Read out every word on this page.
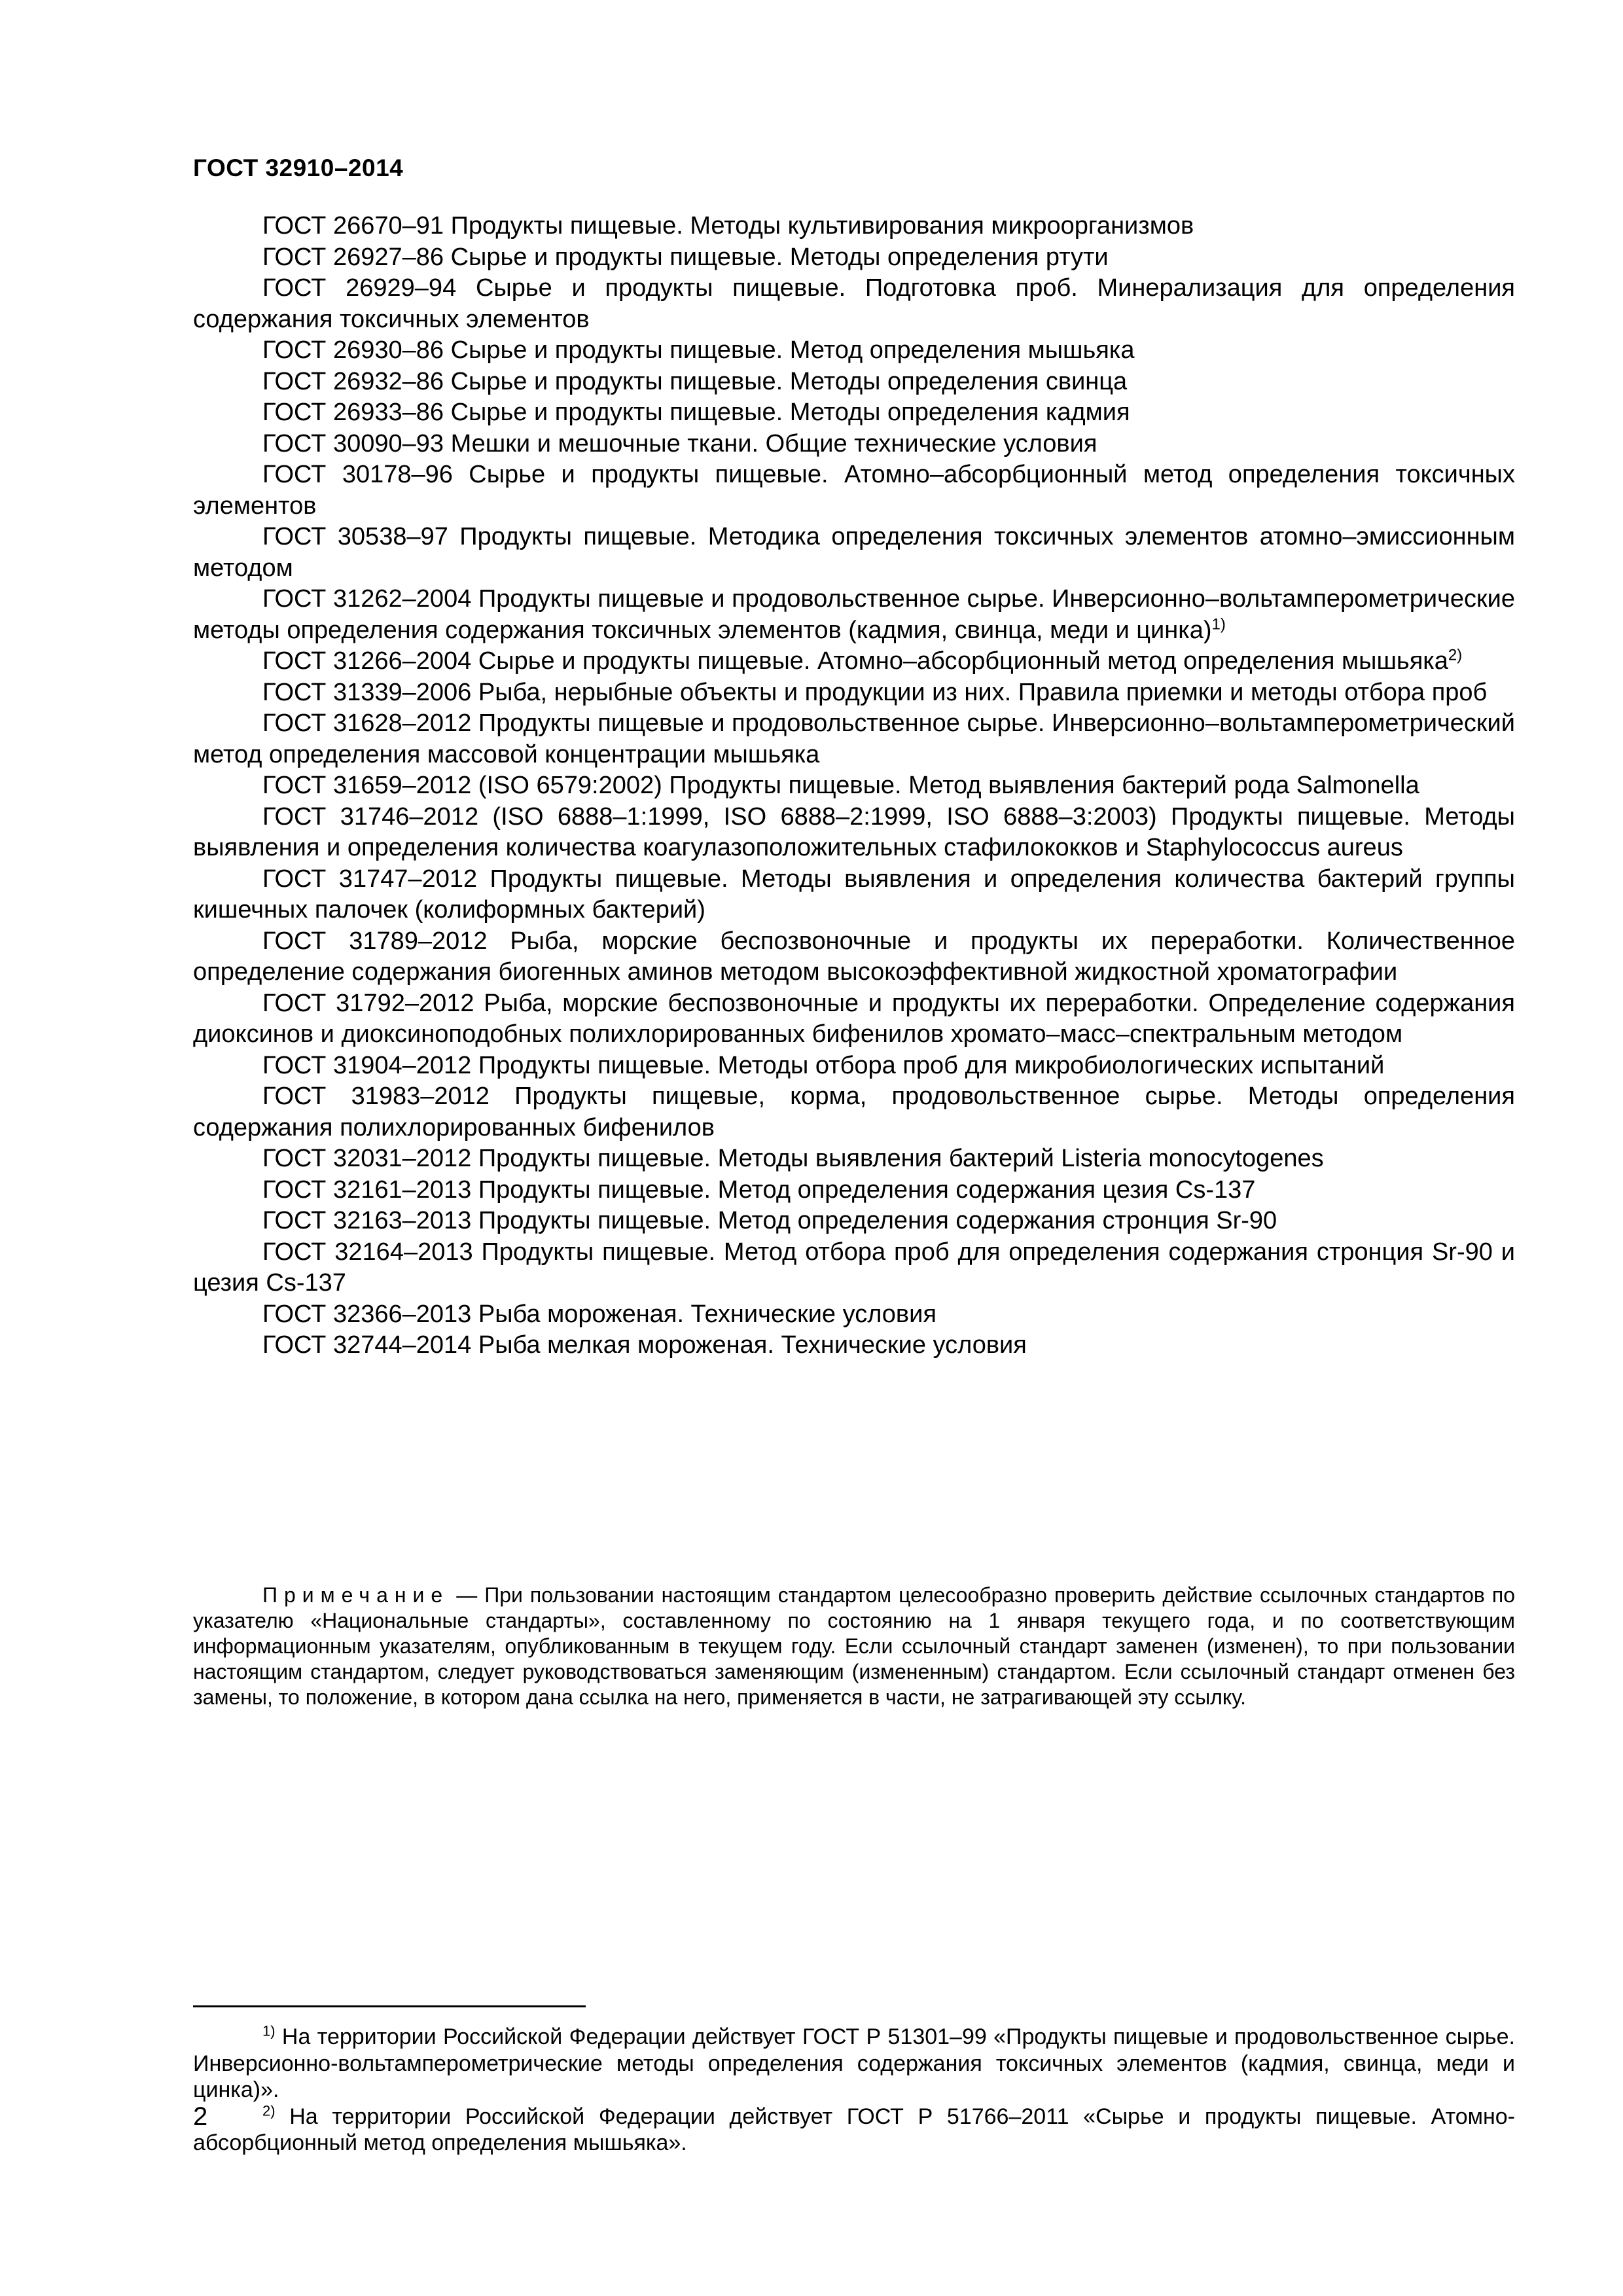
ГОСТ 32910–2014

ГОСТ 26670–91 Продукты пищевые. Методы культивирования микроорганизмов

ГОСТ 26927–86 Сырье и продукты пищевые. Методы определения ртути

ГОСТ 26929–94 Сырье и продукты пищевые. Подготовка проб. Минерализация для определения содержания токсичных элементов

ГОСТ 26930–86 Сырье и продукты пищевые. Метод определения мышьяка

ГОСТ 26932–86 Сырье и продукты пищевые. Методы определения свинца

ГОСТ 26933–86 Сырье и продукты пищевые. Методы определения кадмия

ГОСТ 30090–93 Мешки и мешочные ткани. Общие технические условия

ГОСТ 30178–96 Сырье и продукты пищевые. Атомно–абсорбционный метод определения токсичных элементов

ГОСТ 30538–97 Продукты пищевые. Методика определения токсичных элементов атомно–эмиссионным методом

ГОСТ 31262–2004 Продукты пищевые и продовольственное сырье. Инверсионно–вольтамперометрические методы определения содержания токсичных элементов (кадмия, свинца, меди и цинка)$^{1)}$

ГОСТ 31266–2004 Сырье и продукты пищевые. Атомно–абсорбционный метод определения мышьяка$^{2)}$

ГОСТ 31339–2006 Рыба, нерыбные объекты и продукции из них. Правила приемки и методы отбора проб

ГОСТ 31628–2012 Продукты пищевые и продовольственное сырье. Инверсионно–вольтамперометрический метод определения массовой концентрации мышьяка

ГОСТ 31659–2012 (ISO 6579:2002) Продукты пищевые. Метод выявления бактерий рода Salmonella

ГОСТ 31746–2012 (ISO 6888–1:1999, ISO 6888–2:1999, ISO 6888–3:2003) Продукты пищевые. Методы выявления и определения количества коагулазоположительных стафилококков и Staphylococcus aureus

ГОСТ 31747–2012 Продукты пищевые. Методы выявления и определения количества бактерий группы кишечных палочек (колиформных бактерий)

ГОСТ 31789–2012 Рыба, морские беспозвоночные и продукты их переработки. Количественное определение содержания биогенных аминов методом высокоэффективной жидкостной хроматографии

ГОСТ 31792–2012 Рыба, морские беспозвоночные и продукты их переработки. Определение содержания диоксинов и диоксиноподобных полихлорированных бифенилов хромато–масс–спектральным методом

ГОСТ 31904–2012 Продукты пищевые. Методы отбора проб для микробиологических испытаний

ГОСТ 31983–2012 Продукты пищевые, корма, продовольственное сырье. Методы определения содержания полихлорированных бифенилов

ГОСТ 32031–2012 Продукты пищевые. Методы выявления бактерий Listeria monocytogenes

ГОСТ 32161–2013 Продукты пищевые. Метод определения содержания цезия Cs-137

ГОСТ 32163–2013 Продукты пищевые. Метод определения содержания стронция Sr-90

ГОСТ 32164–2013 Продукты пищевые. Метод отбора проб для определения содержания стронция Sr-90 и цезия Cs-137

ГОСТ 32366–2013 Рыба мороженая. Технические условия

ГОСТ 32744–2014 Рыба мелкая мороженая. Технические условия

Примечание — При пользовании настоящим стандартом целесообразно проверить действие ссылочных стандартов по указателю «Национальные стандарты», составленному по состоянию на 1 января текущего года, и по соответствующим информационным указателям, опубликованным в текущем году. Если ссылочный стандарт заменен (изменен), то при пользовании настоящим стандартом, следует руководствоваться заменяющим (измененным) стандартом. Если ссылочный стандарт отменен без замены, то положение, в котором дана ссылка на него, применяется в части, не затрагивающей эту ссылку.

$^{1)}$ На территории Российской Федерации действует ГОСТ Р 51301–99 «Продукты пищевые и продовольственное сырье. Инверсионно-вольтамперометрические методы определения содержания токсичных элементов (кадмия, свинца, меди и цинка)».

$^{2)}$ На территории Российской Федерации действует ГОСТ Р 51766–2011 «Сырье и продукты пищевые. Атомно-абсорбционный метод определения мышьяка».

2
